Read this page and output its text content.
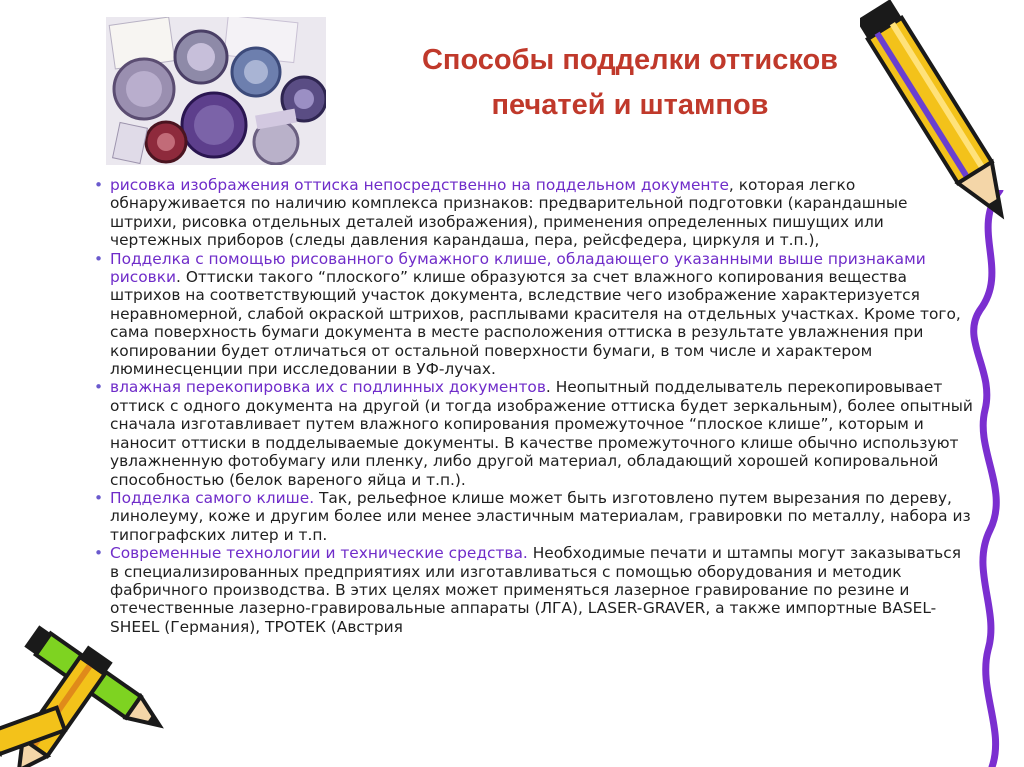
Способы подделки оттисков
печатей и штампов

• рисовка изображения оттиска непосредственно на поддельном документе, которая легко обнаруживается по наличию комплекса признаков: предварительной подготовки (карандашные штрихи, рисовка отдельных деталей изображения), применения определенных пишущих или чертежных приборов (следы давления карандаша, пера, рейсфедера, циркуля и т.п.),

• Подделка с помощью рисованного бумажного клише, обладающего указанными выше признаками рисовки. Оттиски такого “плоского” клише образуются за счет влажного копирования вещества штрихов на соответствующий участок документа, вследствие чего изображение характеризуется неравномерной, слабой окраской штрихов, расплывами красителя на отдельных участках. Кроме того, сама поверхность бумаги документа в месте расположения оттиска в результате увлажнения при копировании будет отличаться от остальной поверхности бумаги, в том числе и характером люминесценции при исследовании в УФ-лучах.

• влажная перекопировка их с подлинных документов. Неопытный подделыватель перекопировывает оттиск с одного документа на другой (и тогда изображение оттиска будет зеркальным), более опытный сначала изготавливает путем влажного копирования промежуточное “плоское клише”, которым и наносит оттиски в подделываемые документы. В качестве промежуточного клише обычно используют увлажненную фотобумагу или пленку, либо другой материал, обладающий хорошей копировальной способностью (белок вареного яйца и т.п.).

• Подделка самого клише. Так, рельефное клише может быть изготовлено путем вырезания по дереву, линолеуму, коже и другим более или менее эластичным материалам, гравировки по металлу, набора из типографских литер и т.п.

• Современные технологии и технические средства. Необходимые печати и штампы могут заказываться в специализированных предприятиях или изготавливаться с помощью оборудования и методик фабричного производства. В этих целях может применяться лазерное гравирование по резине и отечественные лазерно-гравировальные аппараты (ЛГА), LASER-GRAVER, а также импортные BASEL-SHEEL (Германия), ТРОТЕК (Австрия
